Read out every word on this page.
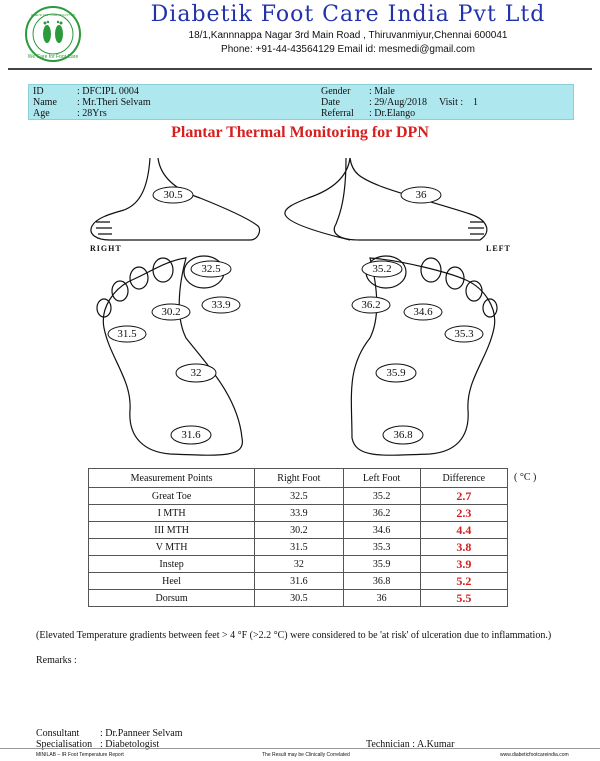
DIABETIK FOOT CARE INDIA PVT LTD
We Care for Foot Care
Diabetik Foot Care India Pvt Ltd
18/1,Kannnappa Nagar 3rd Main Road , Thiruvanmiyur,Chennai 600041
Phone: +91-44-43564129 Email id: mesmedi@gmail.com
ID	: DFCIPL 0004
Name : Mr.Theri Selvam
Age	: 28Yrs
Gender : Male
Date	: 29/Aug/2018 Visit : 1
Referral : Dr.Elango
Plantar Thermal Monitoring for DPN
30.5	36
32.5
33.9
30.2
31.5
32
31.6
35.2
36.2
34.6
35.3
35.9
36.8
RIGHT	LEFT
Measurement Points	Right Foot	Left Foot	Difference
Great Toe	32.5	35.2	2.7
I MTH	33.9	36.2	2.3
III MTH	30.2	34.6	4.4
V MTH	31.5	35.3	3.8
Instep	32	35.9	3.9
Heel	31.6	36.8	5.2
Dorsum	30.5	36	5.5
( °C )
(Elevated Temperature gradients between feet > 4 °F (>2.2 °C) were considered to be 'at risk' of ulceration due to inflammation.)
Remarks :
Consultant : Dr.Panneer Selvam
Specialisation : Diabetologist	Technician : A.Kumar
MINILAB – IR Foot Temperature Report	The Result may be Clinically Correlated	www.diabeticfootcareindia.com
